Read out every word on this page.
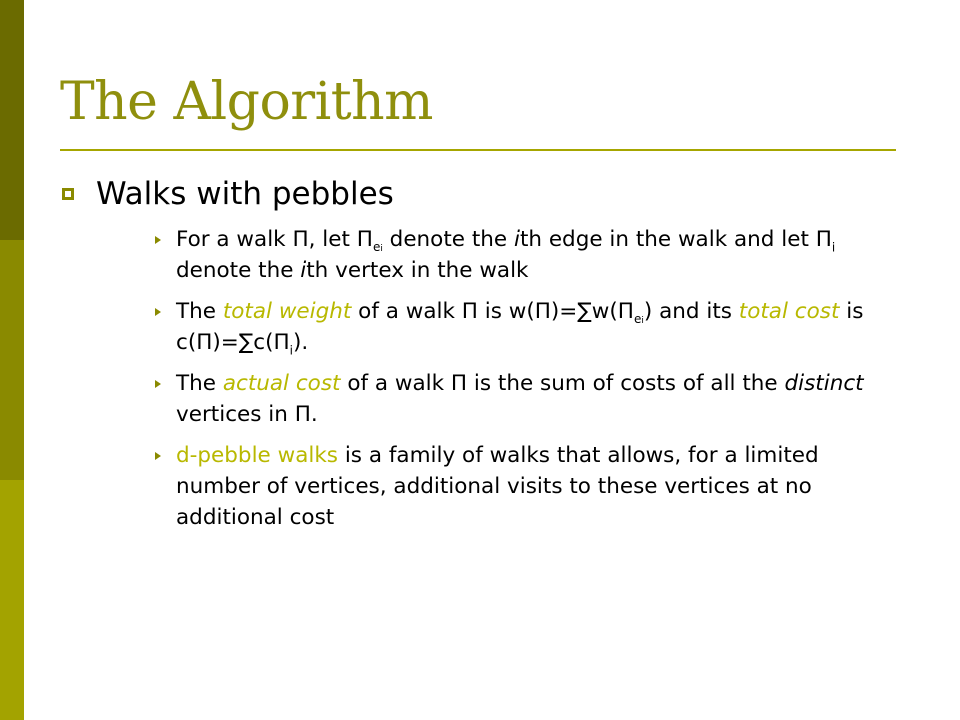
The Algorithm
Walks with pebbles
For a walk Π, let $\Pi_{ei}$ denote the ith edge in the walk and let $\Pi_i$ denote the ith vertex in the walk
The total weight of a walk Π is $w(\Pi)=\sum w(\Pi_{ei})$ and its total cost is $c(\Pi)=\sum c(\Pi_i)$.
The actual cost of a walk Π is the sum of costs of all the distinct vertices in Π.
d-pebble walks is a family of walks that allows, for a limited number of vertices, additional visits to these vertices at no additional cost
